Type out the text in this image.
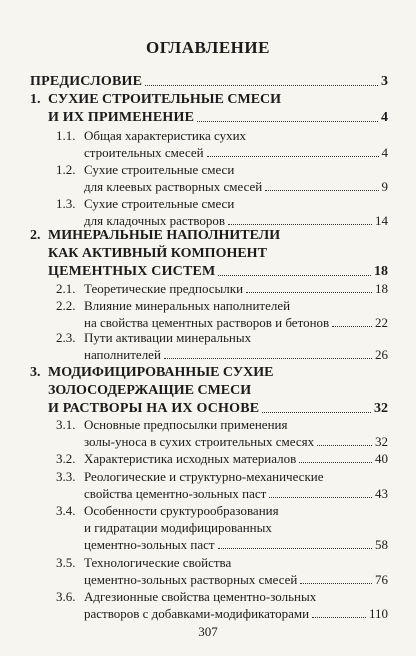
ОГЛАВЛЕНИЕ
ПРЕДИСЛОВИЕ	3
1. СУХИЕ СТРОИТЕЛЬНЫЕ СМЕСИ
И ИХ ПРИМЕНЕНИЕ	4
1.1. Общая характеристика сухих
строительных смесей	4
1.2. Сухие строительные смеси
для клеевых растворных смесей	9
1.3. Сухие строительные смеси
для кладочных растворов	14
2. МИНЕРАЛЬНЫЕ НАПОЛНИТЕЛИ
КАК АКТИВНЫЙ КОМПОНЕНТ
ЦЕМЕНТНЫХ СИСТЕМ	18
2.1. Теоретические предпосылки	18
2.2. Влияние минеральных наполнителей
на свойства цементных растворов и бетонов	22
2.3. Пути активации минеральных
наполнителей	26
3. МОДИФИЦИРОВАННЫЕ СУХИЕ
ЗОЛОСОДЕРЖАЩИЕ СМЕСИ
И РАСТВОРЫ НА ИХ ОСНОВЕ	32
3.1. Основные предпосылки применения
золы-уноса в сухих строительных смесях	32
3.2. Характеристика исходных материалов	40
3.3. Реологические и структурно-механические
свойства цементно-зольных паст	43
3.4. Особенности сруктурообразования
и гидратации модифицированных
цементно-зольных паст	58
3.5. Технологические свойства
цементно-зольных растворных смесей	76
3.6. Адгезионные свойства цементно-зольных
растворов с добавками-модификаторами	110
307
